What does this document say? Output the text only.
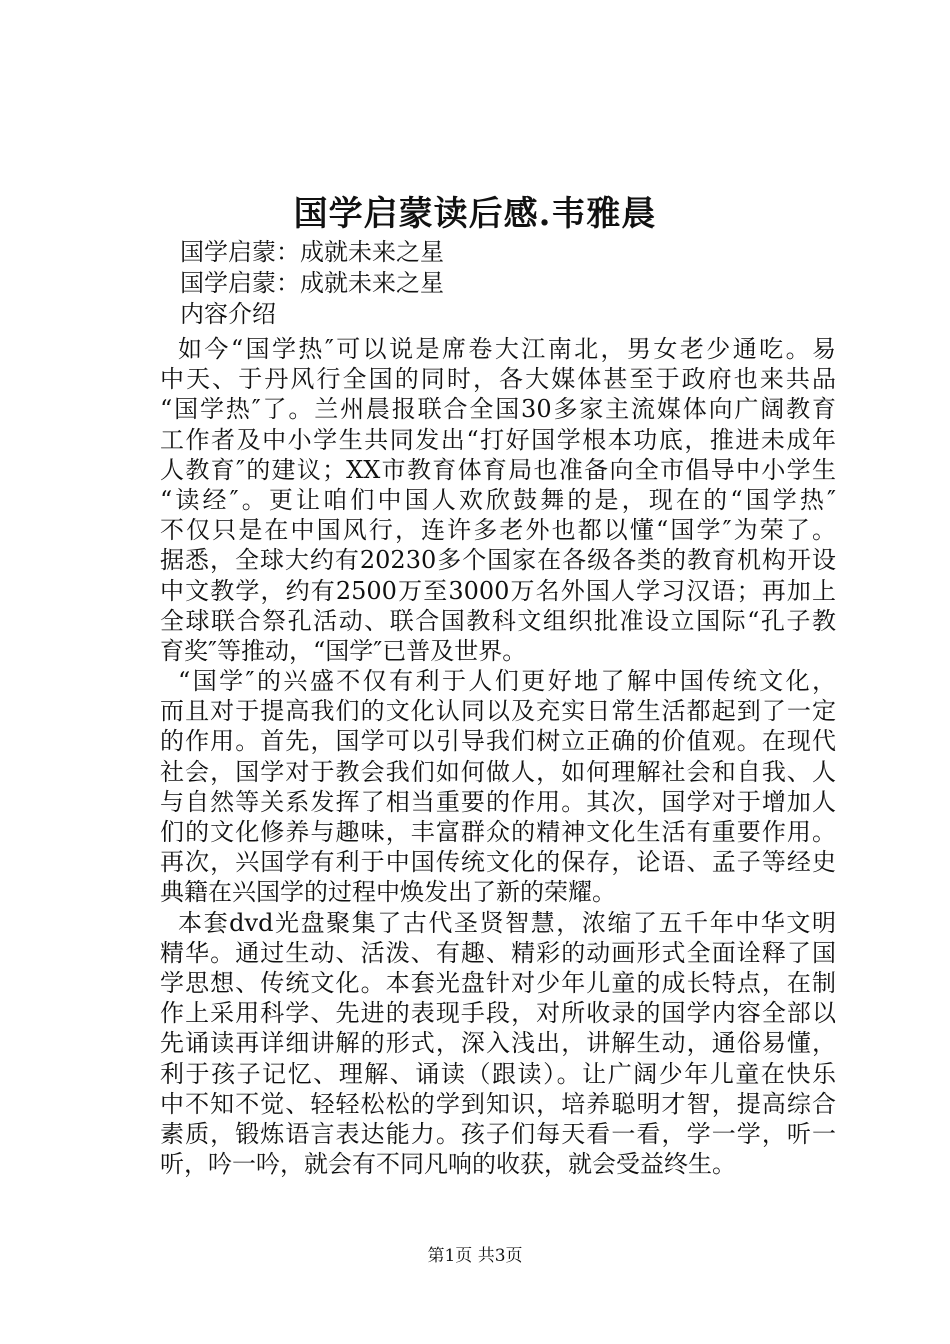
国学启蒙读后感.韦雅晨
国学启蒙：成就未来之星
国学启蒙：成就未来之星
内容介绍
如今“国学热″可以说是席卷大江南北，男女老少通吃。易
中天、于丹风行全国的同时，各大媒体甚至于政府也来共品
“国学热″了。兰州晨报联合全国30多家主流媒体向广阔教育
工作者及中小学生共同发出“打好国学根本功底，推进未成年
人教育″的建议；XX市教育体育局也准备向全市倡导中小学生
“读经″。更让咱们中国人欢欣鼓舞的是，现在的“国学热″
不仅只是在中国风行，连许多老外也都以懂“国学″为荣了。
据悉，全球大约有20230多个国家在各级各类的教育机构开设
中文教学，约有2500万至3000万名外国人学习汉语；再加上
全球联合祭孔活动、联合国教科文组织批准设立国际“孔子教
育奖″等推动，“国学″已普及世界。
“国学″的兴盛不仅有利于人们更好地了解中国传统文化，
而且对于提高我们的文化认同以及充实日常生活都起到了一定
的作用。首先，国学可以引导我们树立正确的价值观。在现代
社会，国学对于教会我们如何做人，如何理解社会和自我、人
与自然等关系发挥了相当重要的作用。其次，国学对于增加人
们的文化修养与趣味，丰富群众的精神文化生活有重要作用。
再次，兴国学有利于中国传统文化的保存，论语、孟子等经史
典籍在兴国学的过程中焕发出了新的荣耀。
本套dvd光盘聚集了古代圣贤智慧，浓缩了五千年中华文明
精华。通过生动、活泼、有趣、精彩的动画形式全面诠释了国
学思想、传统文化。本套光盘针对少年儿童的成长特点，在制
作上采用科学、先进的表现手段，对所收录的国学内容全部以
先诵读再详细讲解的形式，深入浅出，讲解生动，通俗易懂，
利于孩子记忆、理解、诵读（跟读）。让广阔少年儿童在快乐
中不知不觉、轻轻松松的学到知识，培养聪明才智，提高综合
素质，锻炼语言表达能力。孩子们每天看一看，学一学，听一
听，吟一吟，就会有不同凡响的收获，就会受益终生。
第1页 共3页
